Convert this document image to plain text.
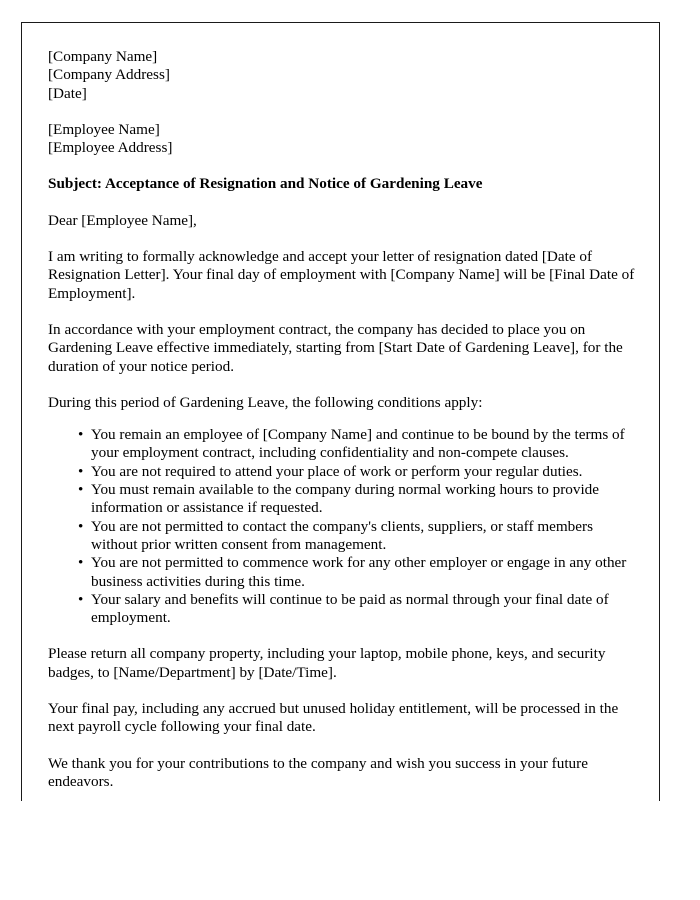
[Company Name]
[Company Address]
[Date]
[Employee Name]
[Employee Address]

Subject: Acceptance of Resignation and Notice of Gardening Leave

Dear [Employee Name],

I am writing to formally acknowledge and accept your letter of resignation dated [Date of Resignation Letter]. Your final day of employment with [Company Name] will be [Final Date of Employment].

In accordance with your employment contract, the company has decided to place you on Gardening Leave effective immediately, starting from [Start Date of Gardening Leave], for the duration of your notice period.

During this period of Gardening Leave, the following conditions apply:

• You remain an employee of [Company Name] and continue to be bound by the terms of your employment contract, including confidentiality and non-compete clauses.
• You are not required to attend your place of work or perform your regular duties.
• You must remain available to the company during normal working hours to provide information or assistance if requested.
• You are not permitted to contact the company's clients, suppliers, or staff members without prior written consent from management.
• You are not permitted to commence work for any other employer or engage in any other business activities during this time.
• Your salary and benefits will continue to be paid as normal through your final date of employment.

Please return all company property, including your laptop, mobile phone, keys, and security badges, to [Name/Department] by [Date/Time].

Your final pay, including any accrued but unused holiday entitlement, will be processed in the next payroll cycle following your final date.

We thank you for your contributions to the company and wish you success in your future endeavors.
